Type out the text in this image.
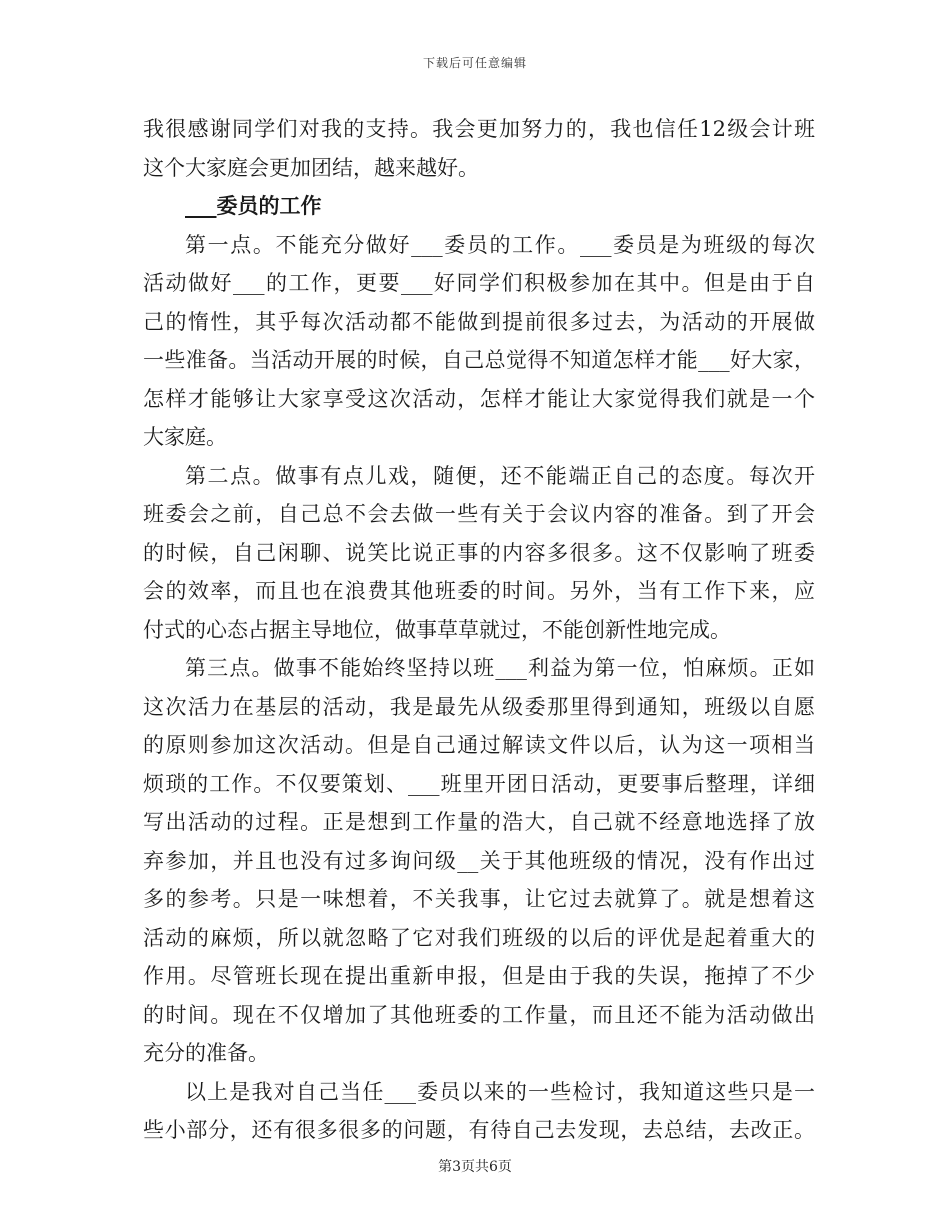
下载后可任意编辑
我很感谢同学们对我的支持。我会更加努力的，我也信任12级会计班
这个大家庭会更加团结，越来越好。
___委员的工作
第一点。不能充分做好___委员的工作。___委员是为班级的每次
活动做好___的工作，更要___好同学们积极参加在其中。但是由于自
己的惰性，其乎每次活动都不能做到提前很多过去，为活动的开展做
一些准备。当活动开展的时候，自己总觉得不知道怎样才能___好大家，
怎样才能够让大家享受这次活动，怎样才能让大家觉得我们就是一个
大家庭。
第二点。做事有点儿戏，随便，还不能端正自己的态度。每次开
班委会之前，自己总不会去做一些有关于会议内容的准备。到了开会
的时候，自己闲聊、说笑比说正事的内容多很多。这不仅影响了班委
会的效率，而且也在浪费其他班委的时间。另外，当有工作下来，应
付式的心态占据主导地位，做事草草就过，不能创新性地完成。
第三点。做事不能始终坚持以班___利益为第一位，怕麻烦。正如
这次活力在基层的活动，我是最先从级委那里得到通知，班级以自愿
的原则参加这次活动。但是自己通过解读文件以后，认为这一项相当
烦琐的工作。不仅要策划、___班里开团日活动，更要事后整理，详细
写出活动的过程。正是想到工作量的浩大，自己就不经意地选择了放
弃参加，并且也没有过多询问级__关于其他班级的情况，没有作出过
多的参考。只是一味想着，不关我事，让它过去就算了。就是想着这
活动的麻烦，所以就忽略了它对我们班级的以后的评优是起着重大的
作用。尽管班长现在提出重新申报，但是由于我的失误，拖掉了不少
的时间。现在不仅增加了其他班委的工作量，而且还不能为活动做出
充分的准备。
以上是我对自己当任___委员以来的一些检讨，我知道这些只是一
些小部分，还有很多很多的问题，有待自己去发现，去总结，去改正。
第3页共6页
